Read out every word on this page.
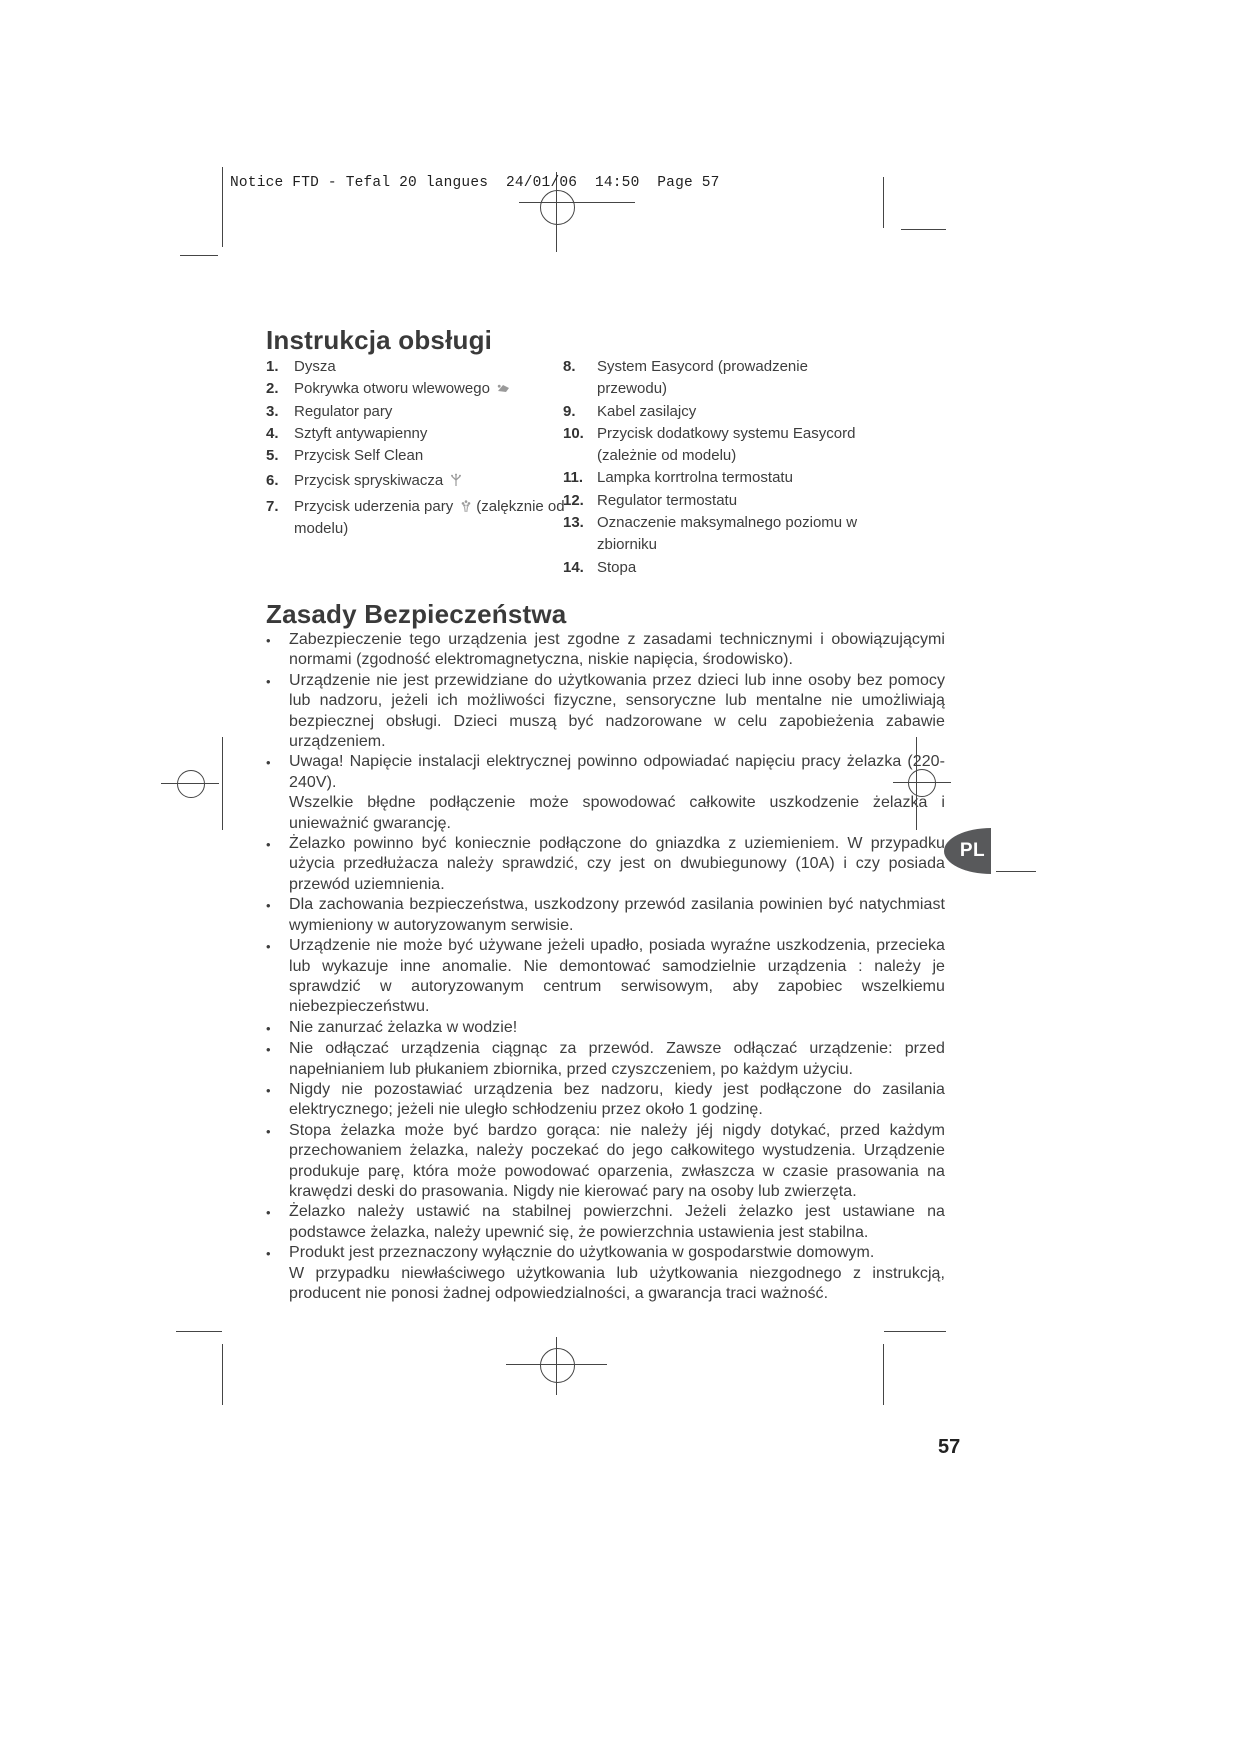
Notice FTD - Tefal 20 langues  24/01/06  14:50  Page 57
Instrukcja obsługi
1.	Dysza
2.	Pokrywka otworu wlewowego
3.	Regulator pary
4.	Sztyft antywapienny
5.	Przycisk Self Clean
6.	Przycisk spryskiwacza
7.	Przycisk uderzenia pary (zalękznie od modelu)
8.	System Easycord (prowadzenie przewodu)
9.	Kabel zasilajcy
10. Przycisk dodatkowy systemu Easycord (zależnie od modelu)
11. Lampka korrtrolna termostatu
12. Regulator termostatu
13. Oznaczenie maksymalnego poziomu w zbiorniku
14. Stopa
Zasady Bezpieczeństwa
•	Zabezpieczenie tego urządzenia jest zgodne z zasadami technicznymi i obowiązującymi normami (zgodność elektromagnetyczna, niskie napięcia, środowisko).
•	Urządzenie nie jest przewidziane do użytkowania przez dzieci lub inne osoby bez pomocy lub nadzoru, jeżeli ich możliwości fizyczne, sensoryczne lub mentalne nie umożliwiają bezpiecznej obsługi. Dzieci muszą być nadzorowane w celu zapobieżenia zabawie urządzeniem.
•	Uwaga! Napięcie instalacji elektrycznej powinno odpowiadać napięciu pracy żelazka (220-240V).
Wszelkie błędne podłączenie może spowodować całkowite uszkodzenie żelazka i unieważnić gwarancję.
•	Żelazko powinno być koniecznie podłączone do gniazdka z uziemieniem. W przypadku użycia przedłużacza należy sprawdzić, czy jest on dwubiegunowy (10A) i czy posiada przewód uziemnienia.
•	Dla zachowania bezpieczeństwa, uszkodzony przewód zasilania powinien być natychmiast wymieniony w autoryzowanym serwisie.
•	Urządzenie nie może być używane jeżeli upadło, posiada wyraźne uszkodzenia, przecieka lub wykazuje inne anomalie. Nie demontować samodzielnie urządzenia : należy je sprawdzić w autoryzowanym centrum serwisowym, aby zapobiec wszelkiemu niebezpieczeństwu.
•	Nie zanurzać żelazka w wodzie!
•	Nie odłączać urządzenia ciągnąc za przewód. Zawsze odłączać urządzenie: przed napełnianiem lub płukaniem zbiornika, przed czyszczeniem, po każdym użyciu.
•	Nigdy nie pozostawiać urządzenia bez nadzoru, kiedy jest podłączone do zasilania elektrycznego; jeżeli nie uległo schłodzeniu przez około 1 godzinę.
•	Stopa żelazka może być bardzo gorąca: nie należy jéj nigdy dotykać, przed każdym przechowaniem żelazka, należy poczekać do jego całkowitego wystudzenia. Urządzenie produkuje parę, która może powodować oparzenia, zwłaszcza w czasie prasowania na krawędzi deski do prasowania. Nigdy nie kierować pary na osoby lub zwierzęta.
•	Żelazko należy ustawić na stabilnej powierzchni. Jeżeli żelazko jest ustawiane na podstawce żelazka, należy upewnić się, że powierzchnia ustawienia jest stabilna.
•	Produkt jest przeznaczony wyłącznie do użytkowania w gospodarstwie domowym.
W przypadku niewłaściwego użytkowania lub użytkowania niezgodnego z instrukcją, producent nie ponosi żadnej odpowiedzialności, a gwarancja traci ważność.
PL
57
